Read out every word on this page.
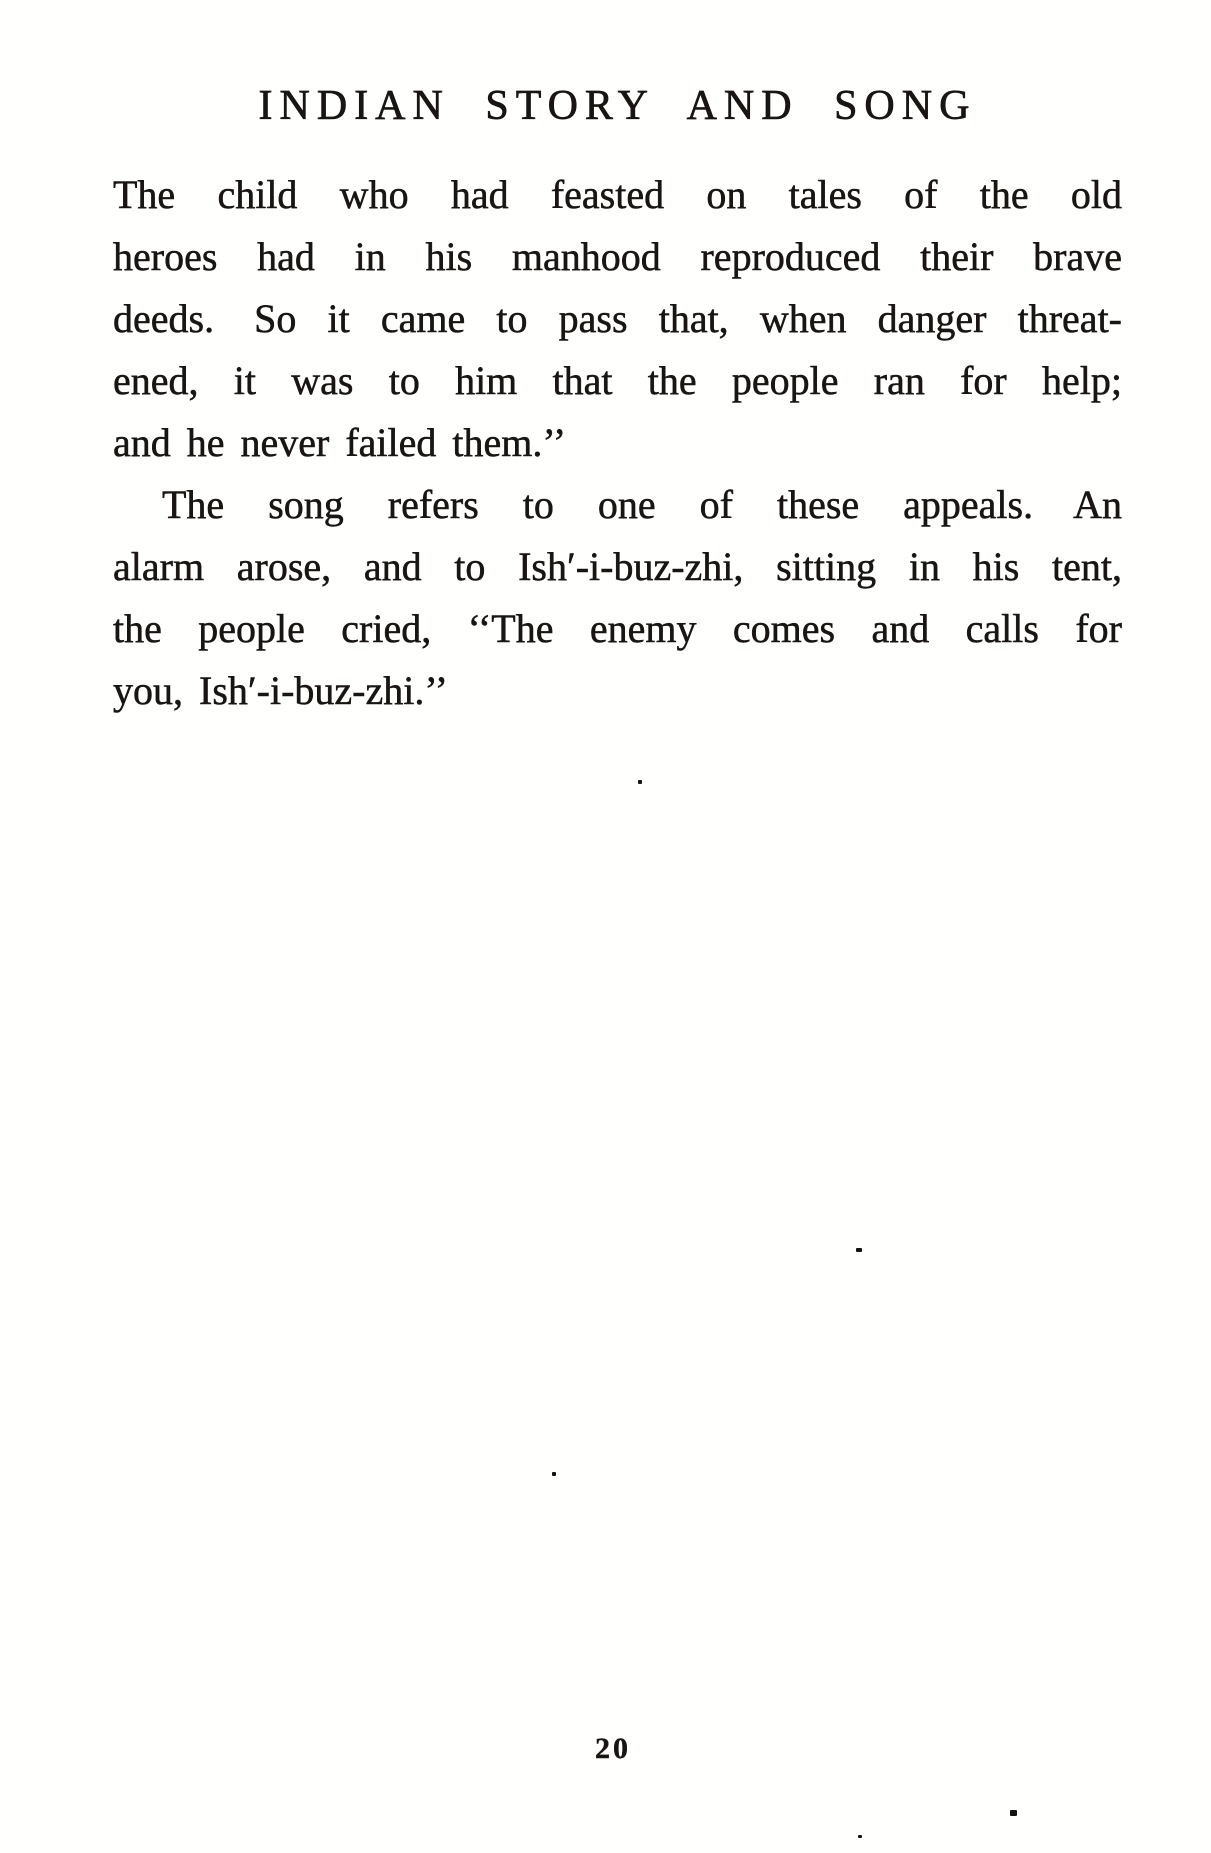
INDIAN STORY AND SONG
The child who had feasted on tales of the old
heroes had in his manhood reproduced their brave
deeds. So it came to pass that, when danger threat-
ened, it was to him that the people ran for help;
and he never failed them.’’
The song refers to one of these appeals. An
alarm arose, and to Ish′-i-buz-zhi, sitting in his tent,
the people cried, ‘‘The enemy comes and calls for
you, Ish′-i-buz-zhi.’’
20
